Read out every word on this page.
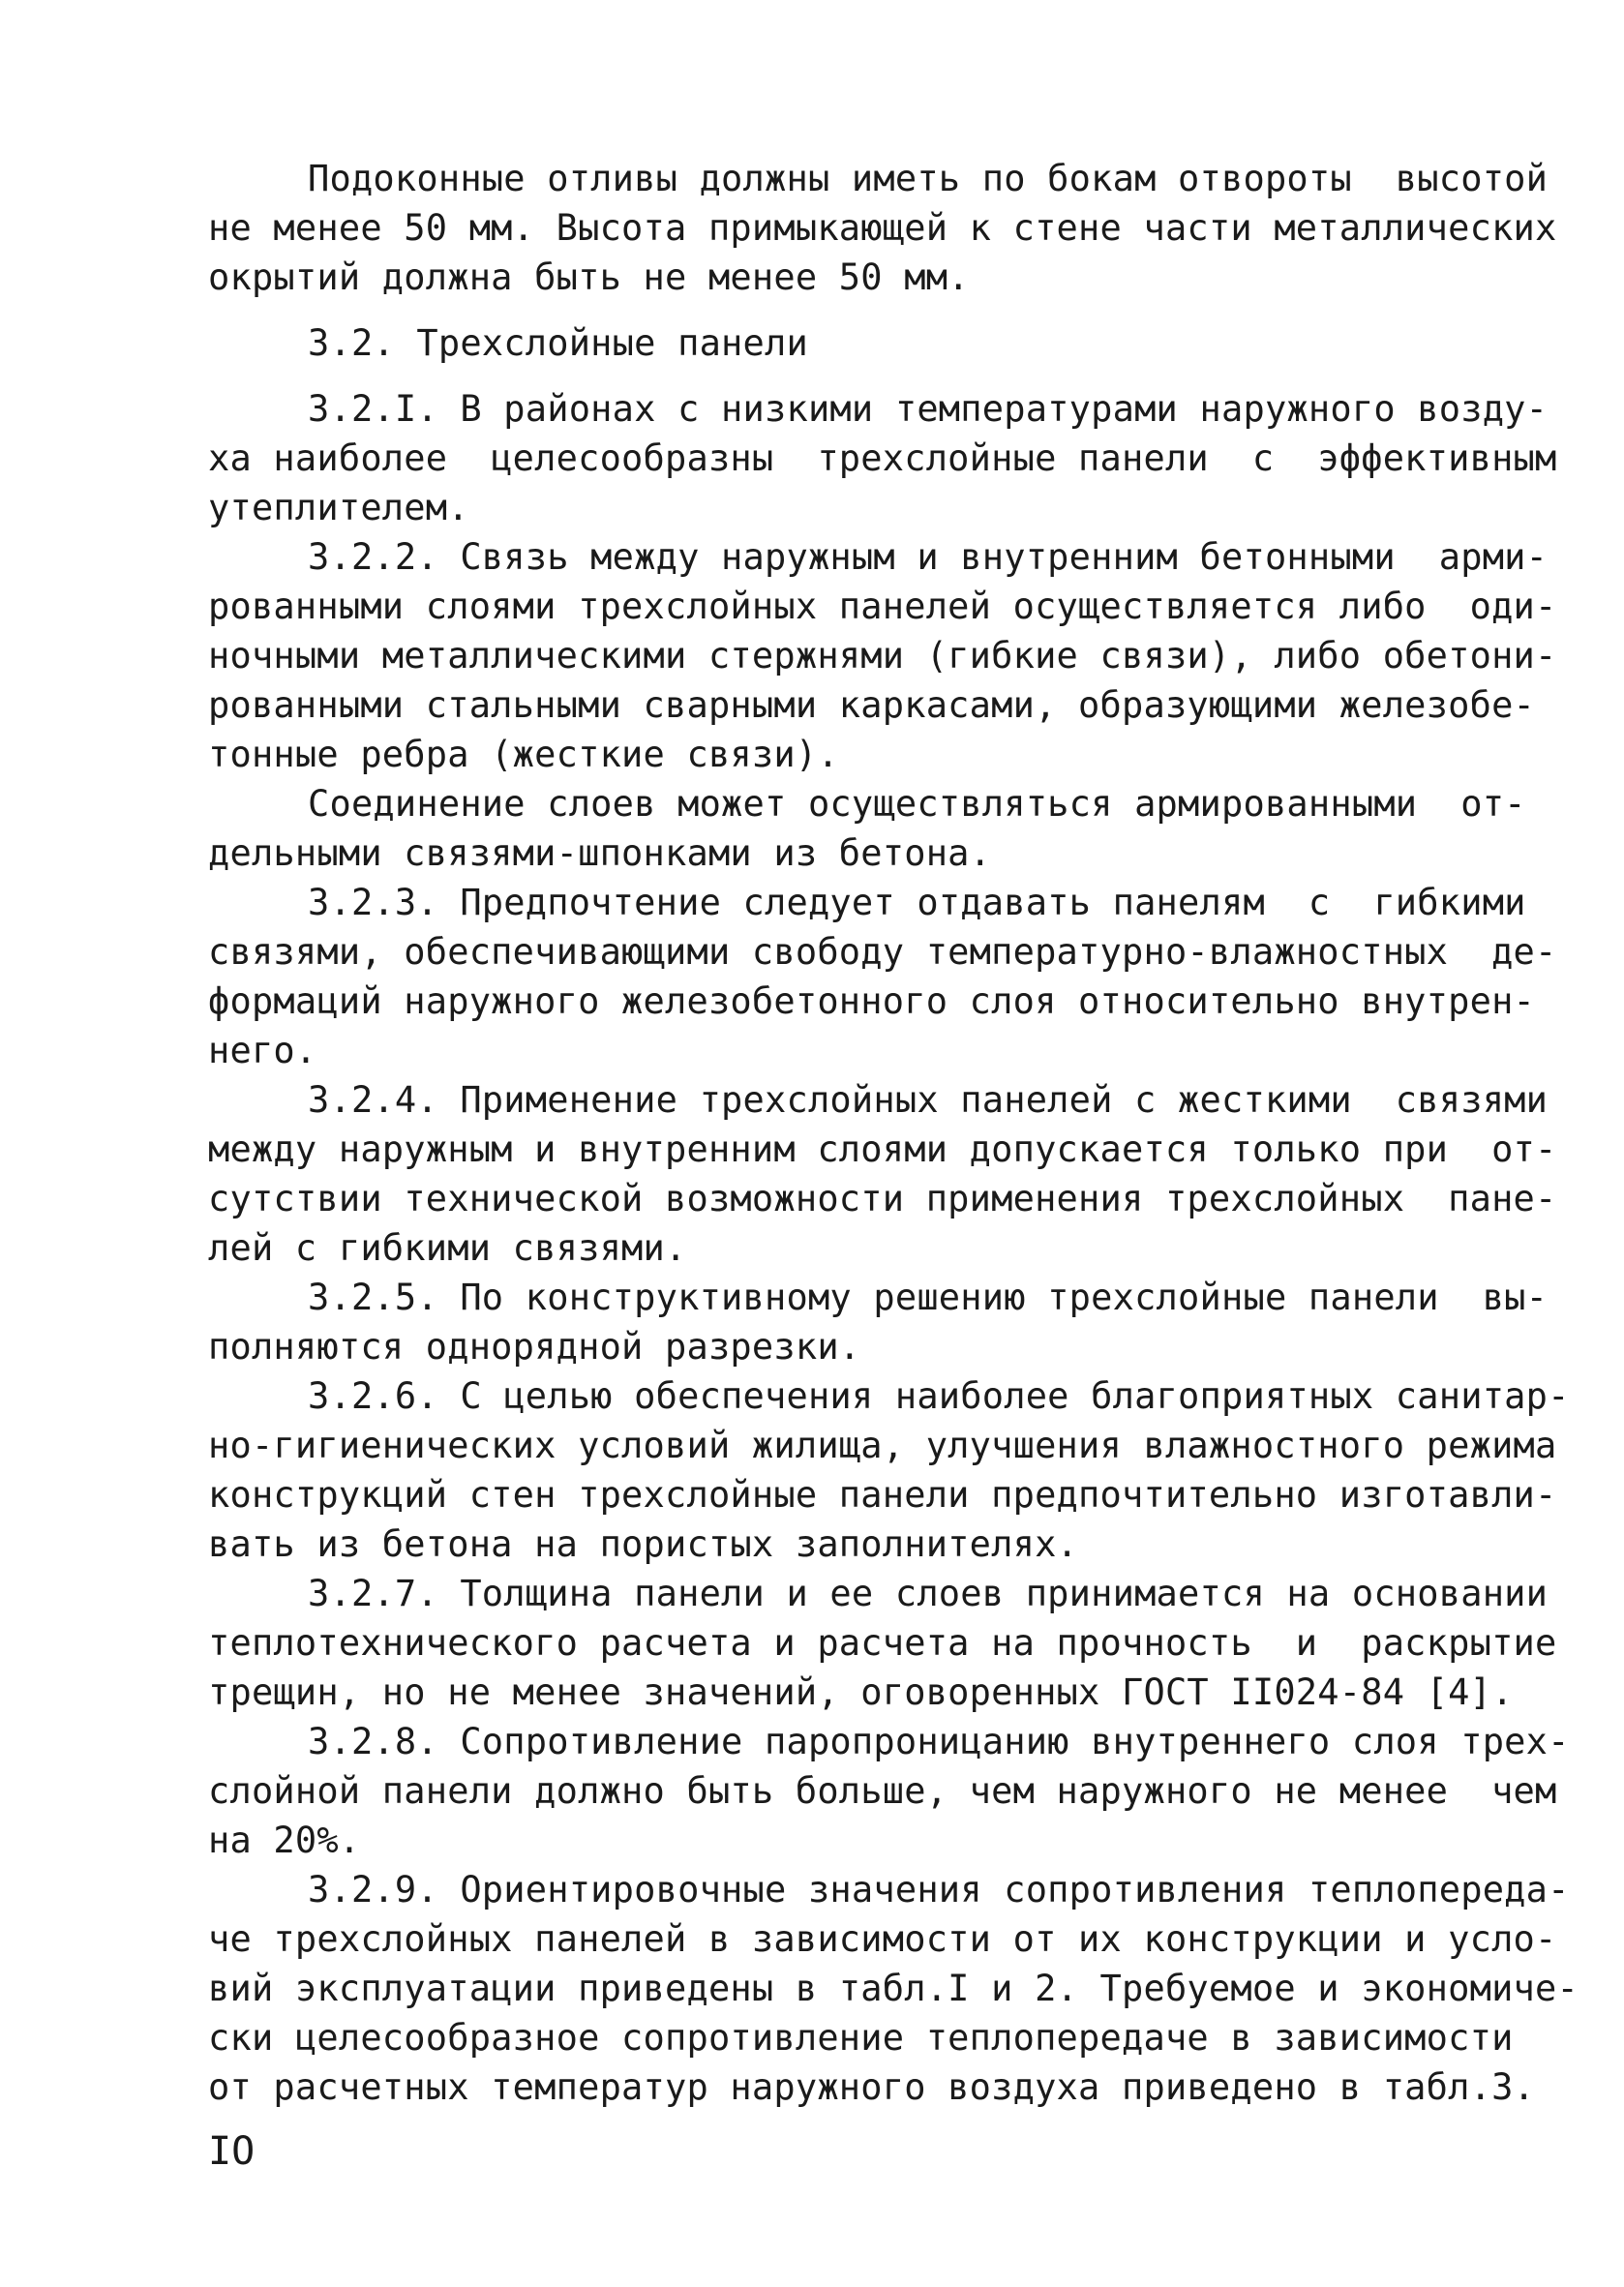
Подоконные отливы должны иметь по бокам отвороты  высотой
не менее 50 мм. Высота примыкающей к стене части металлических
окрытий должна быть не менее 50 мм.
3.2. Трехслойные панели
3.2.I. В районах с низкими температурами наружного возду-
ха наиболее  целесообразны  трехслойные панели  с  эффективным
утеплителем.
3.2.2. Связь между наружным и внутренним бетонными  арми-
рованными слоями трехслойных панелей осуществляется либо  оди-
ночными металлическими стержнями (гибкие связи), либо обетони-
рованными стальными сварными каркасами, образующими железобе-
тонные ребра (жесткие связи).
Соединение слоев может осуществляться армированными  от-
дельными связями-шпонками из бетона.
3.2.3. Предпочтение следует отдавать панелям  с  гибкими
связями, обеспечивающими свободу температурно-влажностных  де-
формаций наружного железобетонного слоя относительно внутрен-
него.
3.2.4. Применение трехслойных панелей с жесткими  связями
между наружным и внутренним слоями допускается только при  от-
сутствии технической возможности применения трехслойных  пане-
лей с гибкими связями.
3.2.5. По конструктивному решению трехслойные панели  вы-
полняются однорядной разрезки.
3.2.6. С целью обеспечения наиболее благоприятных санитар-
но-гигиенических условий жилища, улучшения влажностного режима
конструкций стен трехслойные панели предпочтительно изготавли-
вать из бетона на пористых заполнителях.
3.2.7. Толщина панели и ее слоев принимается на основании
теплотехнического расчета и расчета на прочность  и  раскрытие
трещин, но не менее значений, оговоренных ГОСТ II024-84 [4].
3.2.8. Сопротивление паропроницанию внутреннего слоя трех-
слойной панели должно быть больше, чем наружного не менее  чем
на 20%.
3.2.9. Ориентировочные значения сопротивления теплопереда-
че трехслойных панелей в зависимости от их конструкции и усло-
вий эксплуатации приведены в табл.I и 2. Требуемое и экономиче-
ски целесообразное сопротивление теплопередаче в зависимости
от расчетных температур наружного воздуха приведено в табл.3.
IO
